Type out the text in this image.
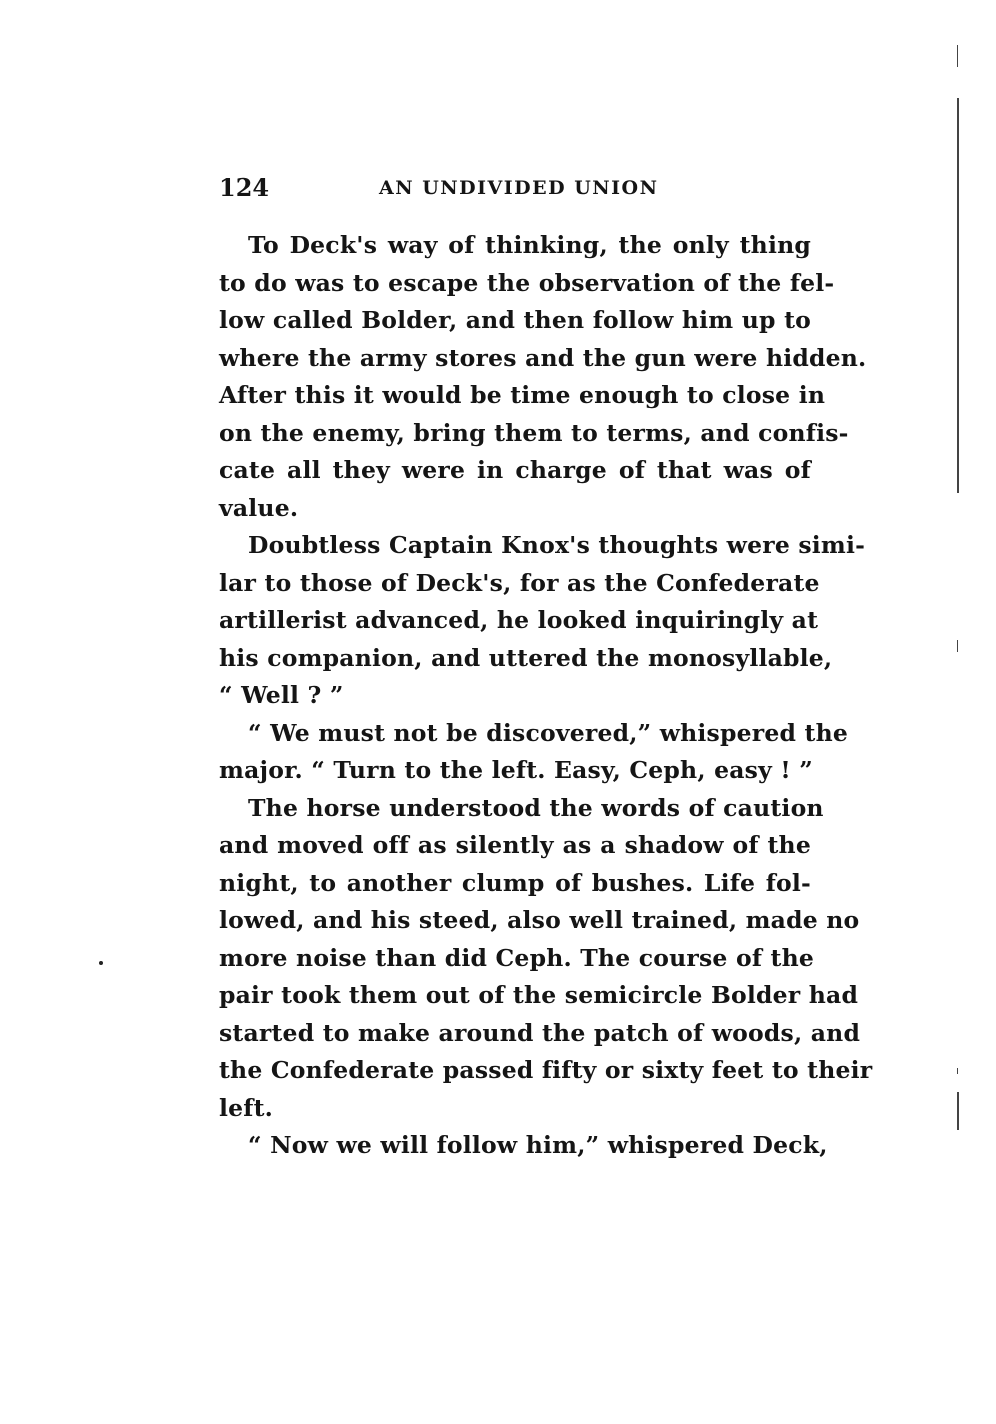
124	AN UNDIVIDED UNION

To Deck's way of thinking, the only thing
to do was to escape the observation of the fel-
low called Bolder, and then follow him up to
where the army stores and the gun were hidden.
After this it would be time enough to close in
on the enemy, bring them to terms, and confis-
cate all they were in charge of that was of
value.

Doubtless Captain Knox's thoughts were simi-
lar to those of Deck's, for as the Confederate
artillerist advanced, he looked inquiringly at
his companion, and uttered the monosyllable,
“ Well ? ”

“ We must not be discovered,” whispered the
major. “ Turn to the left. Easy, Ceph, easy ! ”

The horse understood the words of caution
and moved off as silently as a shadow of the
night, to another clump of bushes. Life fol-
lowed, and his steed, also well trained, made no
more noise than did Ceph. The course of the
pair took them out of the semicircle Bolder had
started to make around the patch of woods, and
the Confederate passed fifty or sixty feet to their
left.

“ Now we will follow him,” whispered Deck,
